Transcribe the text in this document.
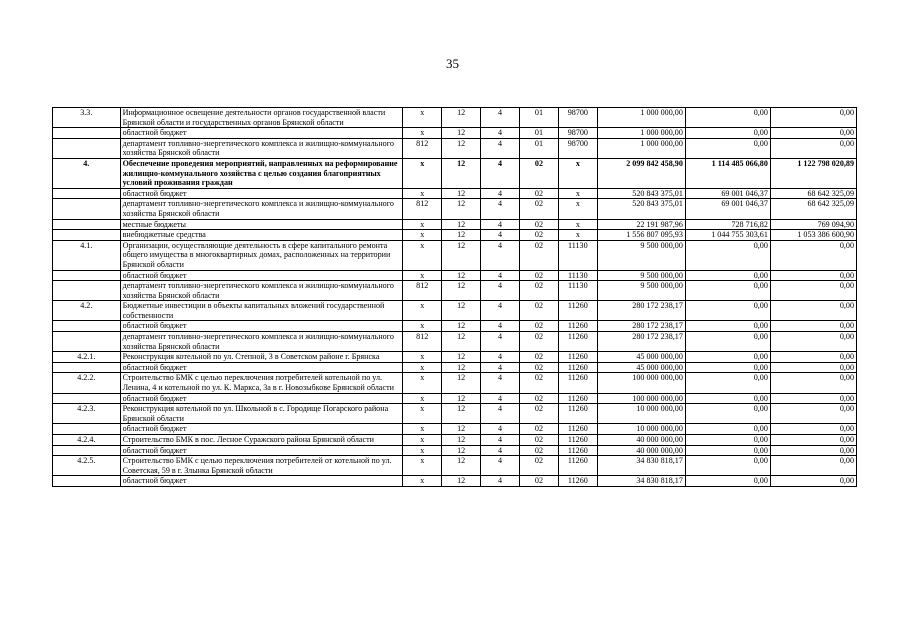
35
3.3.	Информационное освещение деятельности органов государственной власти Брянской области и государственных органов Брянской области	х	12	4	01	98700	1 000 000,00	0,00	0,00
	областной бюджет	х	12	4	01	98700	1 000 000,00	0,00	0,00
	департамент топливно-энергетического комплекса и жилищно-коммунального хозяйства Брянской области	812	12	4	01	98700	1 000 000,00	0,00	0,00
4.	Обеспечение проведения мероприятий, направленных на реформирование жилищно-коммунального хозяйства с целью создания благоприятных условий проживания граждан	х	12	4	02	х	2 099 842 458,90	1 114 485 066,80	1 122 798 020,89
	областной бюджет	х	12	4	02	х	520 843 375,01	69 001 046,37	68 642 325,09
	департамент топливно-энергетического комплекса и жилищно-коммунального хозяйства Брянской области	812	12	4	02	х	520 843 375,01	69 001 046,37	68 642 325,09
	местные бюджеты	х	12	4	02	х	22 191 987,96	728 716,82	769 094,90
	внебюджетные средства	х	12	4	02	х	1 556 807 095,93	1 044 755 303,61	1 053 386 600,90
4.1.	Организации, осуществляющие деятельность в сфере капитального ремонта общего имущества в многоквартирных домах, расположенных на территории Брянской области	х	12	4	02	11130	9 500 000,00	0,00	0,00
	областной бюджет	х	12	4	02	11130	9 500 000,00	0,00	0,00
	департамент топливно-энергетического комплекса и жилищно-коммунального хозяйства Брянской области	812	12	4	02	11130	9 500 000,00	0,00	0,00
4.2.	Бюджетные инвестиции в объекты капитальных вложений государственной собственности	х	12	4	02	11260	280 172 238,17	0,00	0,00
	областной бюджет	х	12	4	02	11260	280 172 238,17	0,00	0,00
	департамент топливно-энергетического комплекса и жилищно-коммунального хозяйства Брянской области	812	12	4	02	11260	280 172 238,17	0,00	0,00
4.2.1.	Реконструкция котельной по ул. Степной, 3 в Советском районе г. Брянска	х	12	4	02	11260	45 000 000,00	0,00	0,00
	областной бюджет	х	12	4	02	11260	45 000 000,00	0,00	0,00
4.2.2.	Строительство БМК с целью переключения потребителей котельной по ул. Ленина, 4 и котельной по ул. К. Маркса, 3а в г. Новозыбкове Брянской области	х	12	4	02	11260	100 000 000,00	0,00	0,00
	областной бюджет	х	12	4	02	11260	100 000 000,00	0,00	0,00
4.2.3.	Реконструкция котельной по ул. Школьной в с. Городище Погарского района Брянской области	х	12	4	02	11260	10 000 000,00	0,00	0,00
	областной бюджет	х	12	4	02	11260	10 000 000,00	0,00	0,00
4.2.4.	Строительство БМК в пос. Лесное Суражского района Брянской области	х	12	4	02	11260	40 000 000,00	0,00	0,00
	областной бюджет	х	12	4	02	11260	40 000 000,00	0,00	0,00
4.2.5.	Строительство БМК с целью переключения потребителей от котельной по ул. Советская, 59 в г. Злынка Брянской области	х	12	4	02	11260	34 830 818,17	0,00	0,00
	областной бюджет	х	12	4	02	11260	34 830 818,17	0,00	0,00
